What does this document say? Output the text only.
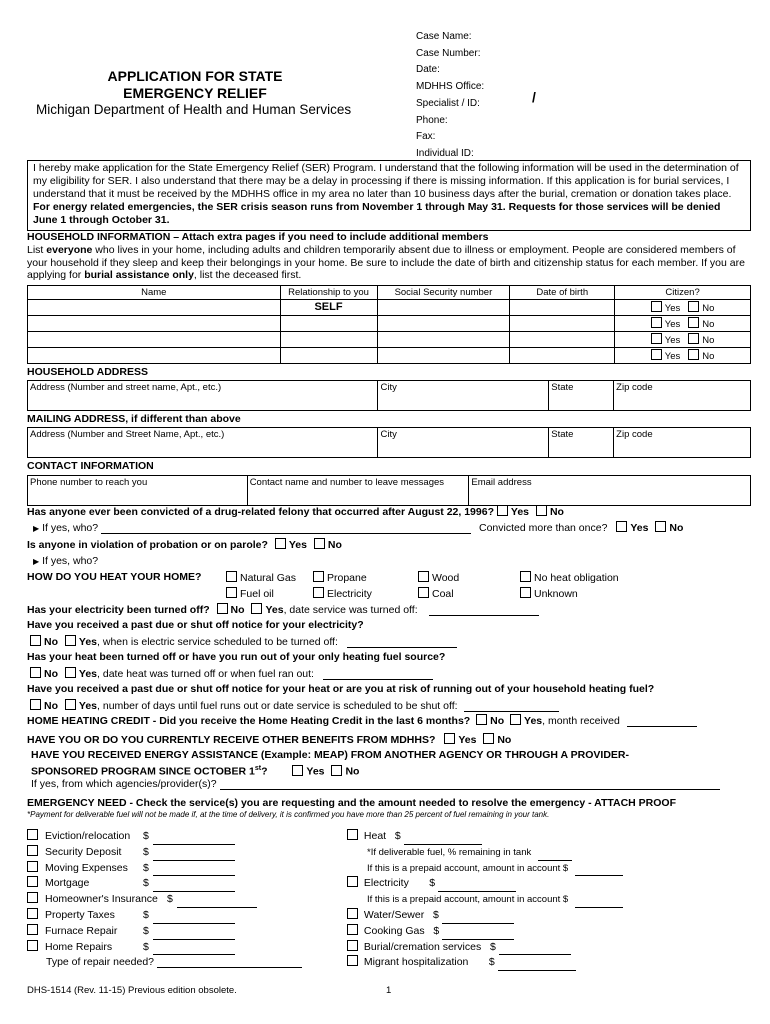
APPLICATION FOR STATE
EMERGENCY RELIEF
Michigan Department of Health and Human Services
Case Name:
Case Number:
Date:
MDHHS Office:
Specialist / ID:
Phone:
Fax:
Individual ID:
/
I hereby make application for the State Emergency Relief (SER) Program. I understand that the following information will be used in the determination of my eligibility for SER. I also understand that there may be a delay in processing if there is missing information. If this application is for burial services, I understand that it must be received by the MDHHS office in my area no later than 10 business days after the burial, cremation or donation takes place. For energy related emergencies, the SER crisis season runs from November 1 through May 31. Requests for those services will be denied June 1 through October 31.
HOUSEHOLD INFORMATION – Attach extra pages if you need to include additional members
List everyone who lives in your home, including adults and children temporarily absent due to illness or employment. People are considered members of your household if they sleep and keep their belongings in your home. Be sure to include the date of birth and citizenship status for each member. If you are applying for burial assistance only, list the deceased first.
Name	Relationship to you	Social Security number	Date of birth	Citizen?
	SELF			Yes No
				Yes No
				Yes No
				Yes No
HOUSEHOLD ADDRESS
Address (Number and street name, Apt., etc.)	City	State	Zip code
MAILING ADDRESS, if different than above
Address (Number and Street Name, Apt., etc.)	City	State	Zip code
CONTACT INFORMATION
Phone number to reach you	Contact name and number to leave messages	Email address
Has anyone ever been convicted of a drug-related felony that occurred after August 22, 1996? Yes No
▶ If yes, who?	Convicted more than once? Yes No
Is anyone in violation of probation or on parole? Yes No
▶ If yes, who?
HOW DO YOU HEAT YOUR HOME?	Natural Gas	Propane	Wood	No heat obligation
Fuel oil	Electricity	Coal	Unknown
Has your electricity been turned off? No Yes, date service was turned off:
Have you received a past due or shut off notice for your electricity?
No Yes, when is electric service scheduled to be turned off:
Has your heat been turned off or have you run out of your only heating fuel source?
No Yes, date heat was turned off or when fuel ran out:
Have you received a past due or shut off notice for your heat or are you at risk of running out of your household heating fuel?
No Yes, number of days until fuel runs out or date service is scheduled to be shut off:
HOME HEATING CREDIT - Did you receive the Home Heating Credit in the last 6 months? No Yes, month received
HAVE YOU OR DO YOU CURRENTLY RECEIVE OTHER BENEFITS FROM MDHHS? Yes No
HAVE YOU RECEIVED ENERGY ASSISTANCE (Example: MEAP) FROM ANOTHER AGENCY OR THROUGH A PROVIDER-
SPONSORED PROGRAM SINCE OCTOBER 1st?	Yes No
If yes, from which agencies/provider(s)?
EMERGENCY NEED - Check the service(s) you are requesting and the amount needed to resolve the emergency - ATTACH PROOF
*Payment for deliverable fuel will not be made if, at the time of delivery, it is confirmed you have more than 25 percent of fuel remaining in your tank.
Eviction/relocation $
Security Deposit $
Moving Expenses $
Mortgage	$
Homeowner's Insurance $
Property Taxes	$
Furnace Repair $
Home Repairs	$
Type of repair needed?
Heat $
*If deliverable fuel, % remaining in tank
If this is a prepaid account, amount in account $
Electricity $
If this is a prepaid account, amount in account $
Water/Sewer $
Cooking Gas $
Burial/cremation services $
Migrant hospitalization $
DHS-1514 (Rev. 11-15) Previous edition obsolete.	1
